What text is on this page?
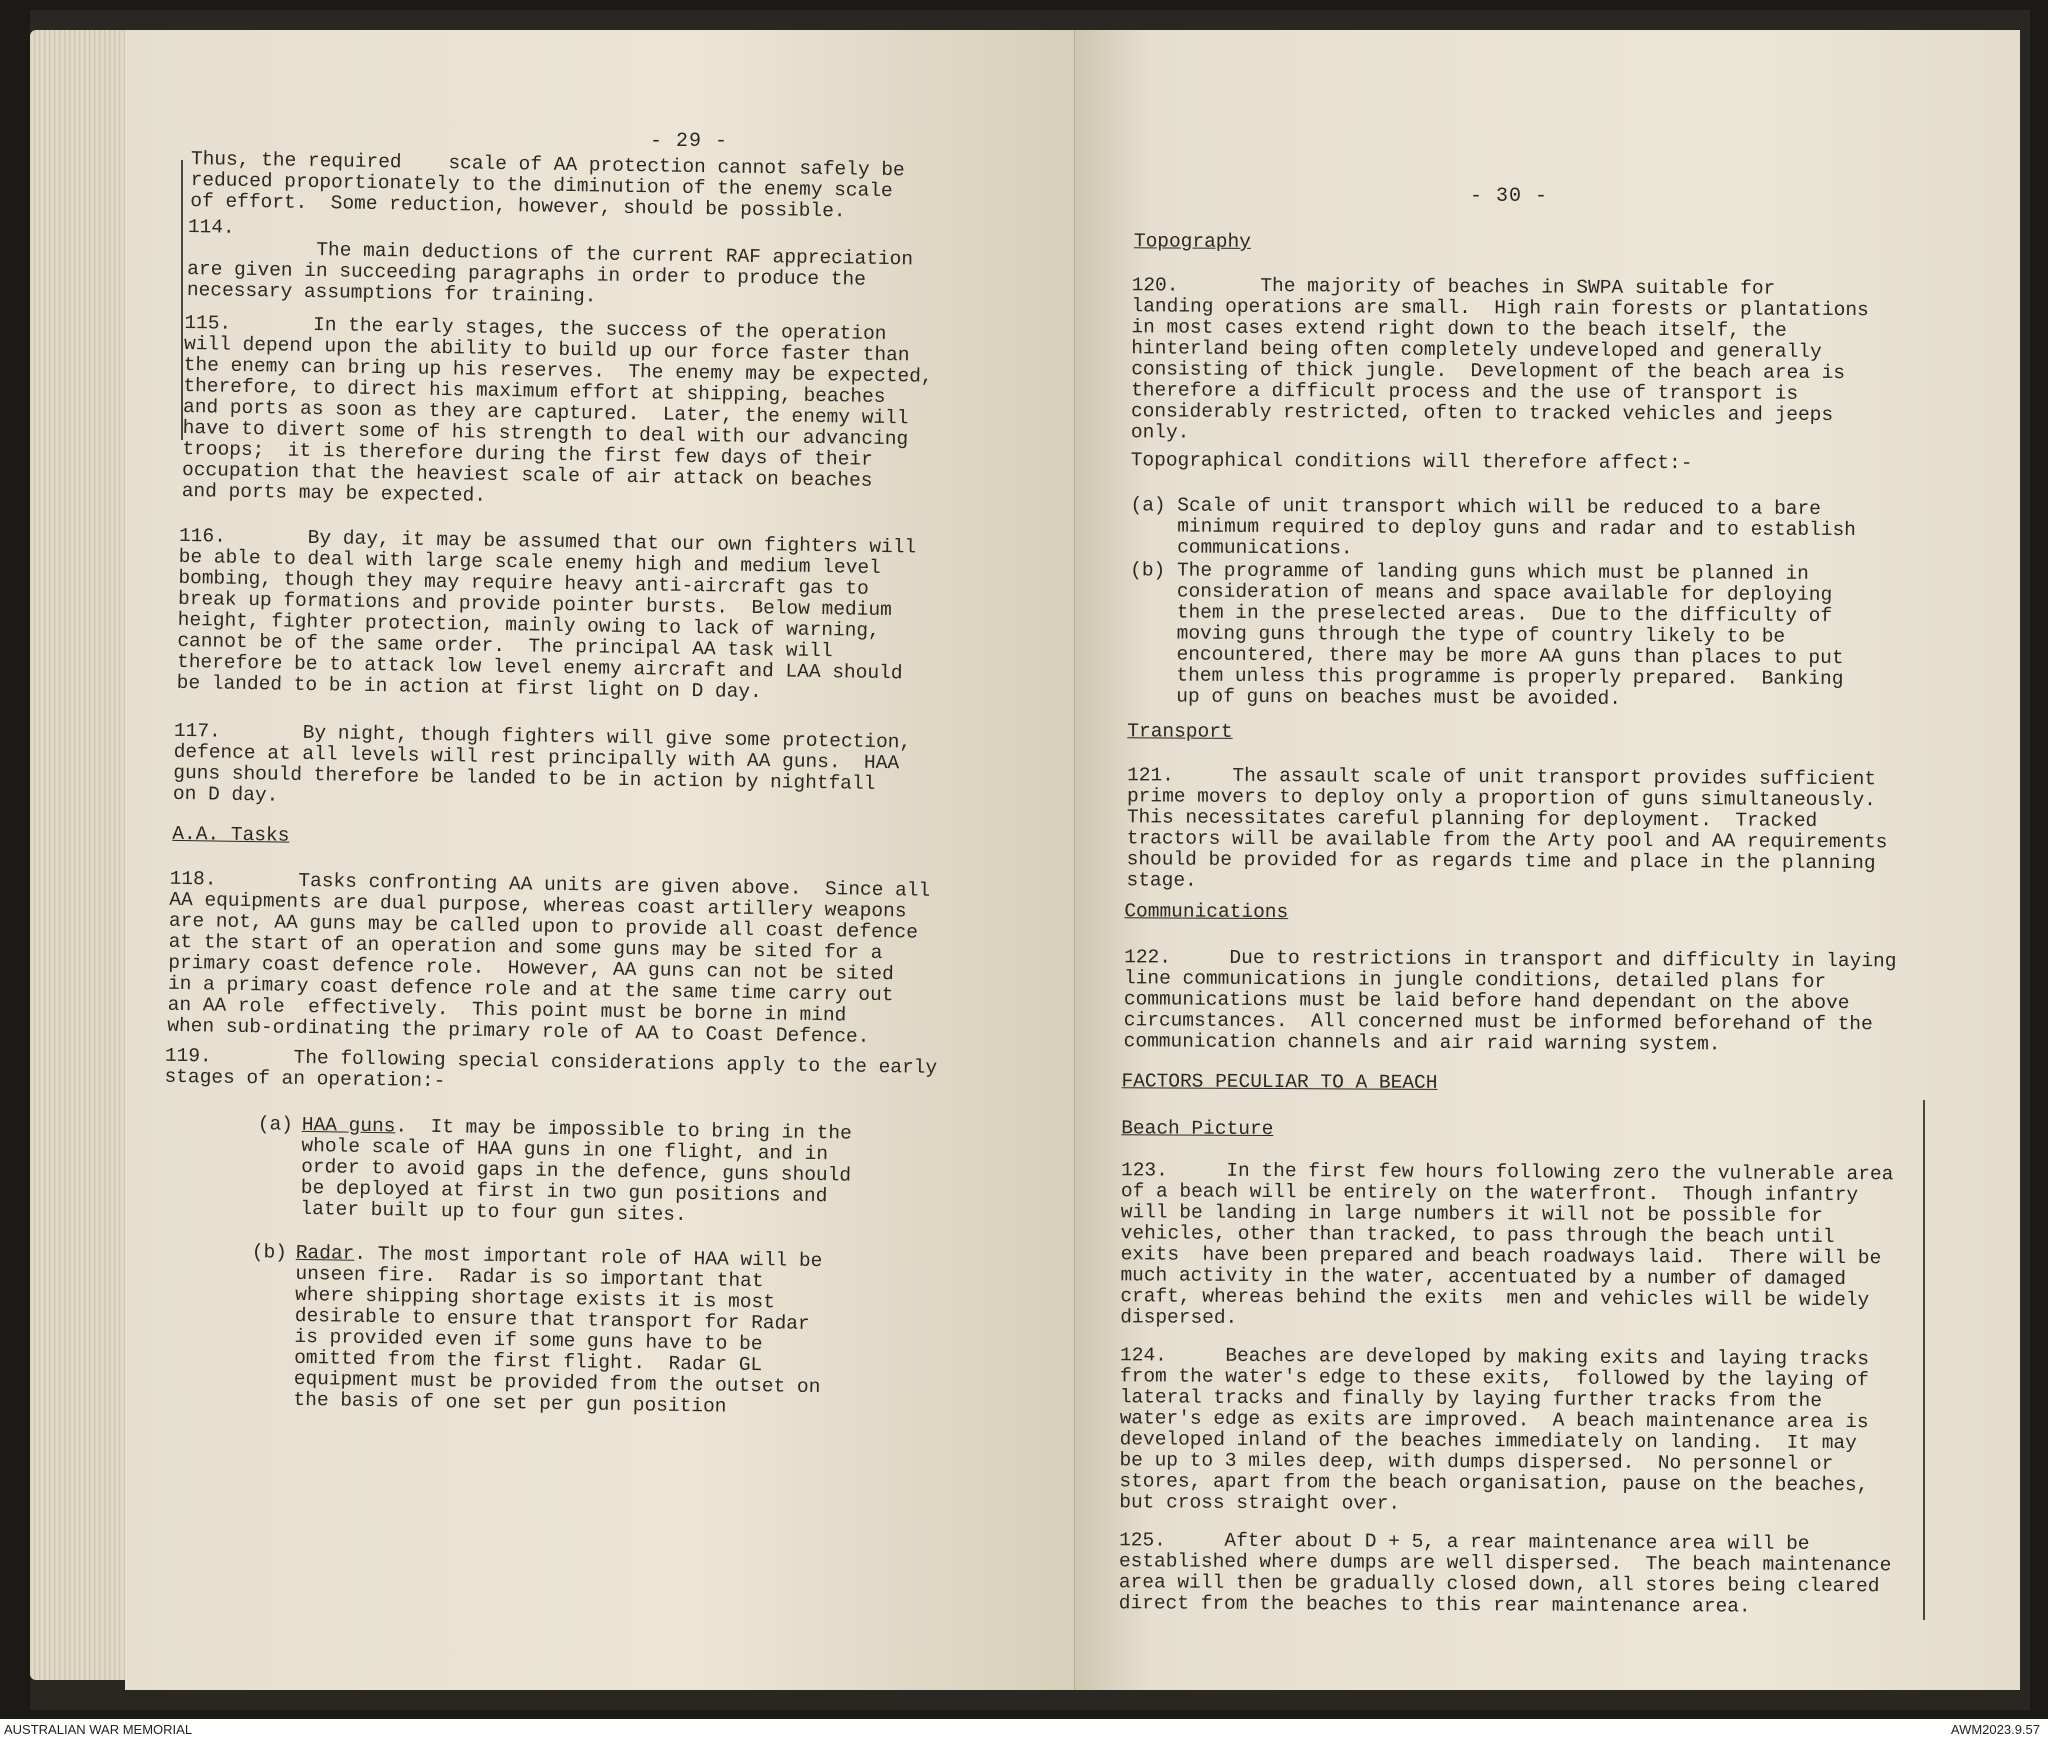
- 29 -

Thus, the required    scale of AA protection cannot safely be
reduced proportionately to the diminution of the enemy scale
of effort.  Some reduction, however, should be possible.

114.
The main deductions of the current RAF appreciation
are given in succeeding paragraphs in order to produce the
necessary assumptions for training.

115.       In the early stages, the success of the operation
will depend upon the ability to build up our force faster than
the enemy can bring up his reserves.  The enemy may be expected,
therefore, to direct his maximum effort at shipping, beaches
and ports as soon as they are captured.  Later, the enemy will
have to divert some of his strength to deal with our advancing
troops;  it is therefore during the first few days of their
occupation that the heaviest scale of air attack on beaches
and ports may be expected.

116.       By day, it may be assumed that our own fighters will
be able to deal with large scale enemy high and medium level
bombing, though they may require heavy anti-aircraft gas to
break up formations and provide pointer bursts.  Below medium
height, fighter protection, mainly owing to lack of warning,
cannot be of the same order.  The principal AA task will
therefore be to attack low level enemy aircraft and LAA should
be landed to be in action at first light on D day.

117.       By night, though fighters will give some protection,
defence at all levels will rest principally with AA guns.  HAA
guns should therefore be landed to be in action by nightfall
on D day.

A.A. Tasks

118.       Tasks confronting AA units are given above.  Since all
AA equipments are dual purpose, whereas coast artillery weapons
are not, AA guns may be called upon to provide all coast defence
at the start of an operation and some guns may be sited for a
primary coast defence role.  However, AA guns can not be sited
in a primary coast defence role and at the same time carry out
an AA role  effectively.  This point must be borne in mind
when sub-ordinating the primary role of AA to Coast Defence.

119.       The following special considerations apply to the early
stages of an operation:-

(a) HAA guns.  It may be impossible to bring in the
whole scale of HAA guns in one flight, and in
order to avoid gaps in the defence, guns should
be deployed at first in two gun positions and
later built up to four gun sites.

(b) Radar. The most important role of HAA will be
unseen fire.  Radar is so important that
where shipping shortage exists it is most
desirable to ensure that transport for Radar
is provided even if some guns have to be
omitted from the first flight.  Radar GL
equipment must be provided from the outset on
the basis of one set per gun position

- 30 -
Topography

120.       The majority of beaches in SWPA suitable for
landing operations are small.  High rain forests or plantations
in most cases extend right down to the beach itself, the
hinterland being often completely undeveloped and generally
consisting of thick jungle.  Development of the beach area is
therefore a difficult process and the use of transport is
considerably restricted, often to tracked vehicles and jeeps
only.

Topographical conditions will therefore affect:-

(a) Scale of unit transport which will be reduced to a bare
minimum required to deploy guns and radar and to establish
communications.

(b) The programme of landing guns which must be planned in
consideration of means and space available for deploying
them in the preselected areas.  Due to the difficulty of
moving guns through the type of country likely to be
encountered, there may be more AA guns than places to put
them unless this programme is properly prepared.  Banking
up of guns on beaches must be avoided.

Transport

121.     The assault scale of unit transport provides sufficient
prime movers to deploy only a proportion of guns simultaneously.
This necessitates careful planning for deployment.  Tracked
tractors will be available from the Arty pool and AA requirements
should be provided for as regards time and place in the planning
stage.

Communications

122.     Due to restrictions in transport and difficulty in laying
line communications in jungle conditions, detailed plans for
communications must be laid before hand dependant on the above
circumstances.  All concerned must be informed beforehand of the
communication channels and air raid warning system.

FACTORS PECULIAR TO A BEACH
Beach Picture

123.     In the first few hours following zero the vulnerable area
of a beach will be entirely on the waterfront.  Though infantry
will be landing in large numbers it will not be possible for
vehicles, other than tracked, to pass through the beach until
exits  have been prepared and beach roadways laid.  There will be
much activity in the water, accentuated by a number of damaged
craft, whereas behind the exits  men and vehicles will be widely
dispersed.

124.     Beaches are developed by making exits and laying tracks
from the water's edge to these exits,  followed by the laying of
lateral tracks and finally by laying further tracks from the
water's edge as exits are improved.  A beach maintenance area is
developed inland of the beaches immediately on landing.  It may
be up to 3 miles deep, with dumps dispersed.  No personnel or
stores, apart from the beach organisation, pause on the beaches,
but cross straight over.

125.     After about D + 5, a rear maintenance area will be
established where dumps are well dispersed.  The beach maintenance
area will then be gradually closed down, all stores being cleared
direct from the beaches to this rear maintenance area.

AUSTRALIAN WAR MEMORIAL	AWM2023.9.57
